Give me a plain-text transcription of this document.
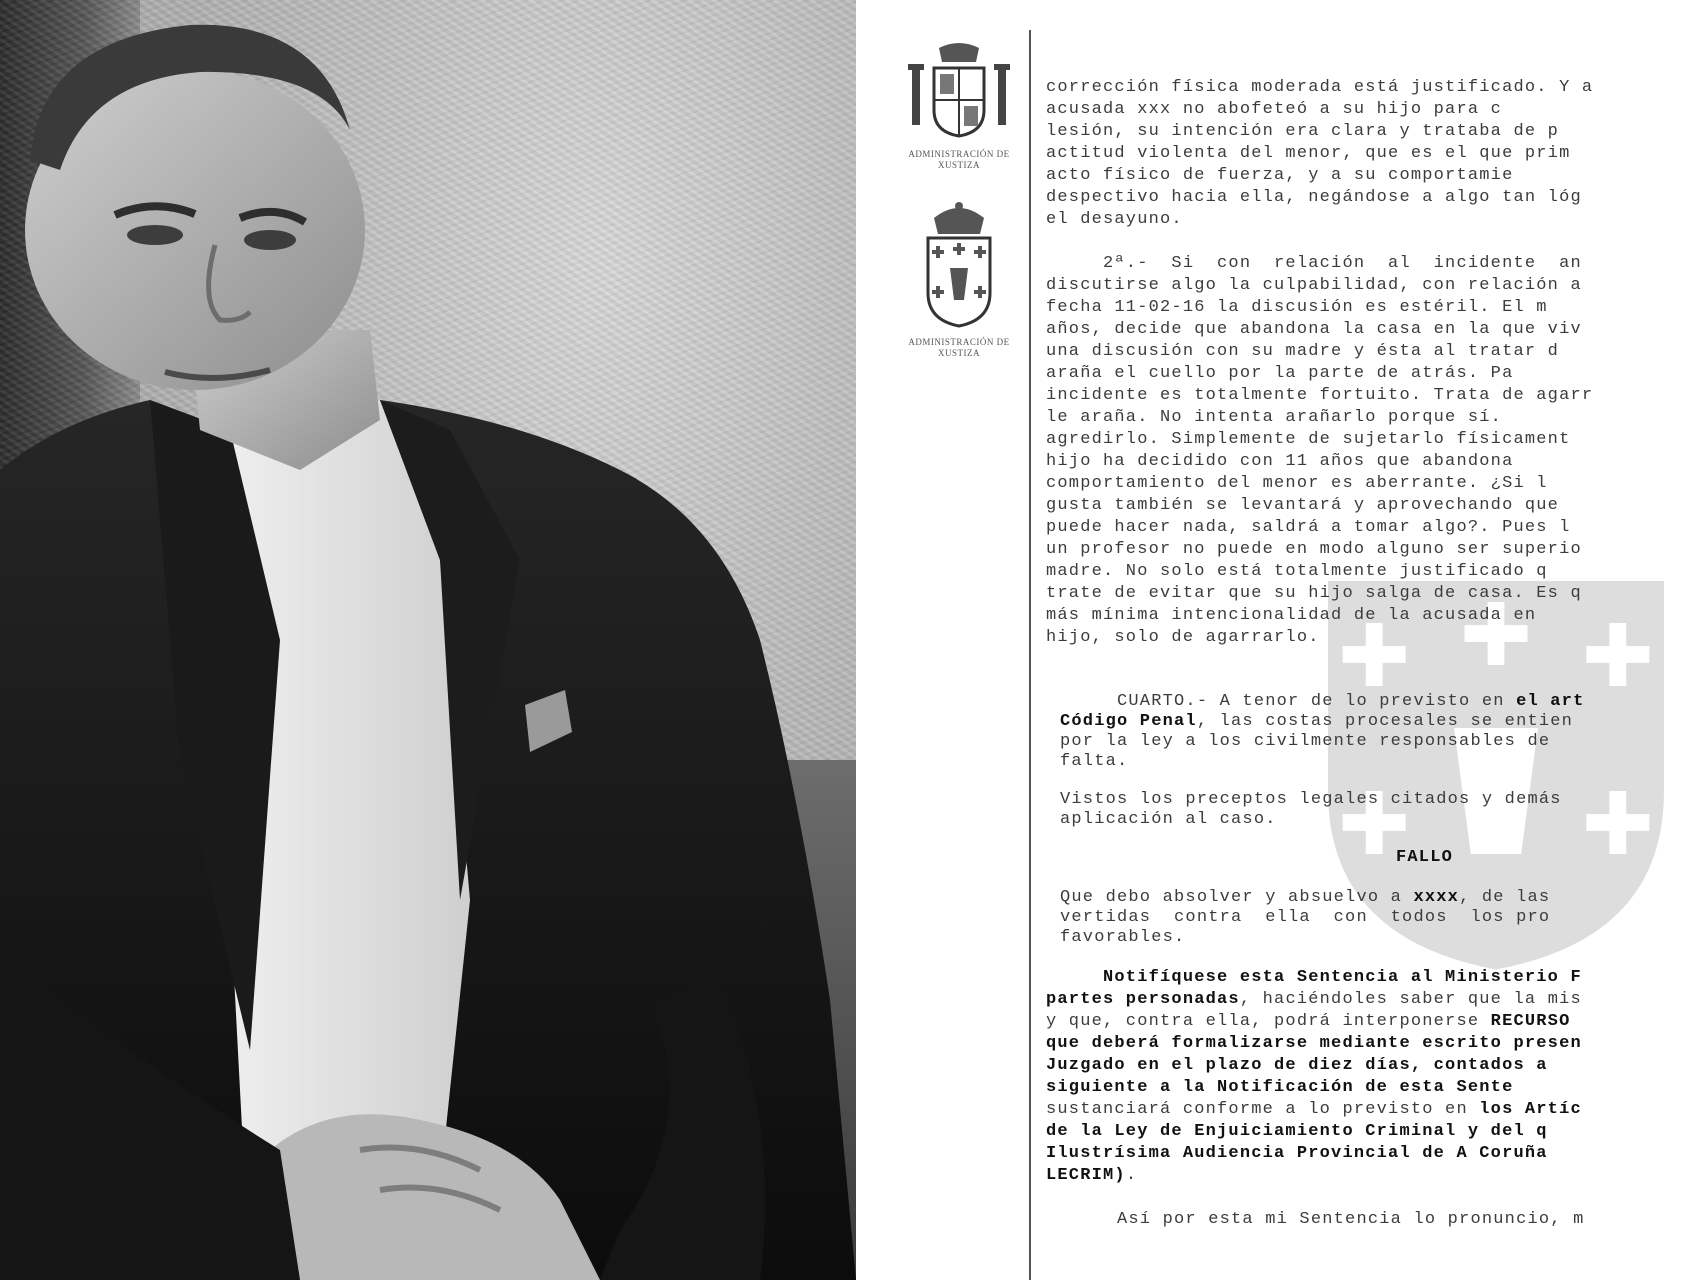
ADMINISTRACIÓN DE XUSTIZA
ADMINISTRACIÓN DE XUSTIZA

corrección física moderada está justificado. Y a

acusada xxx no abofeteó a su hijo para c

lesión, su intención era clara y trataba de p

actitud violenta del menor, que es el que prim

acto físico de fuerza, y a su comportamie

despectivo hacia ella, negándose a algo tan lóg

el desayuno.

2ª.-  Si  con  relación  al  incidente  an

discutirse algo la culpabilidad, con relación a

fecha 11-02-16 la discusión es estéril. El m

años, decide que abandona la casa en la que viv

una discusión con su madre y ésta al tratar d

araña el cuello por la parte de atrás. Pa

incidente es totalmente fortuito. Trata de agarr

le araña. No intenta arañarlo porque sí.

agredirlo. Simplemente de sujetarlo físicament

hijo ha decidido con 11 años que abandona

comportamiento del menor es aberrante. ¿Si l

gusta también se levantará y aprovechando que

puede hacer nada, saldrá a tomar algo?. Pues l

un profesor no puede en modo alguno ser superio

madre. No solo está totalmente justificado q

trate de evitar que su hijo salga de casa. Es q

más mínima intencionalidad de la acusada en

hijo, solo de agarrarlo.

CUARTO.- A tenor de lo previsto en el art

Código Penal, las costas procesales se entien

por la ley a los civilmente responsables de

falta.

Vistos los preceptos legales citados y demás

aplicación al caso.

FALLO

Que debo absolver y absuelvo a xxxx, de las

vertidas  contra  ella  con  todos  los pro

favorables.

Notifíquese esta Sentencia al Ministerio F

partes personadas, haciéndoles saber que la mis

y que, contra ella, podrá interponerse RECURSO

que deberá formalizarse mediante escrito presen

Juzgado en el plazo de diez días, contados a

siguiente a la Notificación de esta Sente

sustanciará conforme a lo previsto en los Artíc

de la Ley de Enjuiciamiento Criminal y del q

Ilustrísima Audiencia Provincial de A Coruña

LECRIM).

Así por esta mi Sentencia lo pronuncio, m
